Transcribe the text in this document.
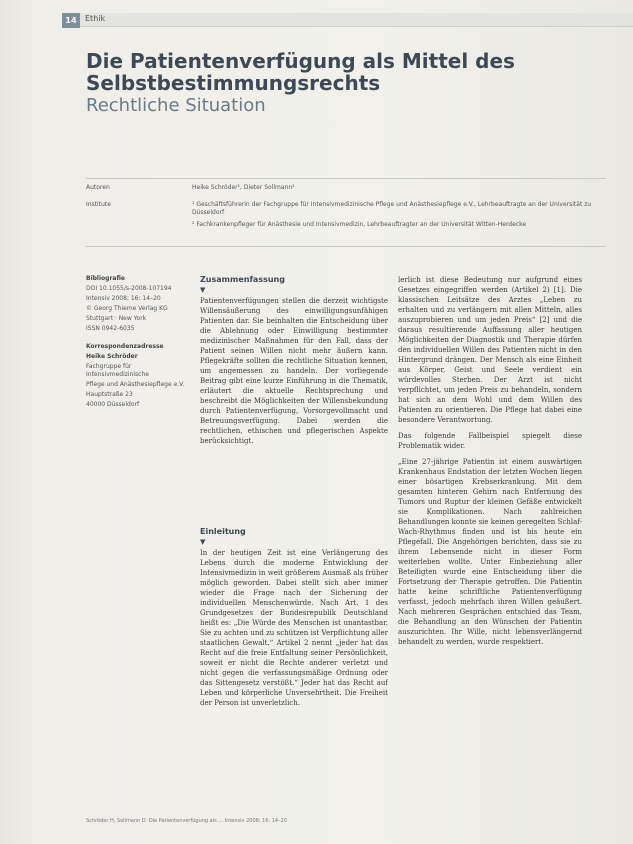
14	Ethik
Die Patientenverfügung als Mittel des Selbstbestimmungsrechts
Rechtliche Situation
Autoren	Heike Schröder¹, Dieter Sollmann²
Institute	¹ Geschäftsführerin der Fachgruppe für Intensivmedizinische Pflege und Anästhesiepflege e.V., Lehrbeauftragte an der Universität zu Düsseldorf
² Fachkrankenpfleger für Anästhesie und Intensivmedizin, Lehrbeauftragter an der Universität Witten-Herdecke

Bibliografie

DOI 10.1055/s-2008-107194

Intensiv 2008; 16: 14–20

© Georg Thieme Verlag KG

Stuttgart · New York

ISSN 0942-6035

Korrespondenzadresse

Heike Schröder

Fachgruppe für Intensivmedizinische

Pflege und Anästhesiepflege e.V.

Hauptstraße 23

40000 Düsseldorf

Zusammenfassung
▼

Patientenverfügungen stellen die derzeit wichtigste Willensäußerung des einwilligungsunfähigen Patienten dar. Sie beinhalten die Entscheidung über die Ablehnung oder Einwilligung bestimmter medizinischer Maßnahmen für den Fall, dass der Patient seinen Willen nicht mehr äußern kann. Pflegekräfte sollten die rechtliche Situation kennen, um angemessen zu handeln. Der vorliegende Beitrag gibt eine kurze Einführung in die Thematik, erläutert die aktuelle Rechtsprechung und beschreibt die Möglichkeiten der Willensbekundung durch Patientenverfügung, Vorsorgevollmacht und Betreuungsverfügung. Dabei werden die rechtlichen, ethischen und pflegerischen Aspekte berücksichtigt.

Einleitung
▼

In der heutigen Zeit ist eine Verlängerung des Lebens durch die moderne Entwicklung der Intensivmedizin in weit größerem Ausmaß als früher möglich geworden. Dabei stellt sich aber immer wieder die Frage nach der Sicherung der individuellen Menschenwürde. Nach Art. 1 des Grundgesetzes der Bundesrepublik Deutschland heißt es: „Die Würde des Menschen ist unantastbar. Sie zu achten und zu schützen ist Verpflichtung aller staatlichen Gewalt.“ Artikel 2 nennt „jeder hat das Recht auf die freie Entfaltung seiner Persönlichkeit, soweit er nicht die Rechte anderer verletzt und nicht gegen die verfassungsmäßige Ordnung oder das Sittengesetz verstößt.“ Jeder hat das Recht auf Leben und körperliche Unversehrtheit. Die Freiheit der Person ist unverletzlich.

lerlich ist diese Bedeutung nur aufgrund eines Gesetzes eingegriffen werden (Artikel 2) [1]. Die klassischen Leitsätze des Arztes „Leben zu erhalten und zu verlängern mit allen Mitteln, alles auszuprobieren und um jeden Preis“ [2] und die daraus resultierende Auffassung aller heutigen Möglichkeiten der Diagnostik und Therapie dürfen den individuellen Willen des Patienten nicht in den Hintergrund drängen. Der Mensch als eine Einheit aus Körper, Geist und Seele verdient ein würdevolles Sterben. Der Arzt ist nicht verpflichtet, um jeden Preis zu behandeln, sondern hat sich an dem Wohl und dem Willen des Patienten zu orientieren. Die Pflege hat dabei eine besondere Verantwortung.

Das folgende Fallbeispiel spiegelt diese Problematik wider.

„Eine 27-jährige Patientin ist einem auswärtigen Krankenhaus Endstation der letzten Wochen liegen einer bösartigen Krebserkrankung. Mit dem gesamten hinteren Gehirn nach Entfernung des Tumors und Ruptur der kleinen Gefäße entwickelt sie Komplikationen. Nach zahlreichen Behandlungen konnte sie keinen geregelten Schlaf-Wach-Rhythmus finden und ist bis heute ein Pflegefall. Die Angehörigen berichten, dass sie zu ihrem Lebensende nicht in dieser Form weiterleben wollte. Unter Einbeziehung aller Beteiligten wurde eine Entscheidung über die Fortsetzung der Therapie getroffen. Die Patientin hatte keine schriftliche Patientenverfügung verfasst, jedoch mehrfach ihren Willen geäußert. Nach mehreren Gesprächen entschied das Team, die Behandlung an den Wünschen der Patientin auszurichten. Ihr Wille, nicht lebensverlängernd behandelt zu werden, wurde respektiert.

Schröder H, Sollmann D. Die Patientenverfügung als ... Intensiv 2008; 16: 14–20
